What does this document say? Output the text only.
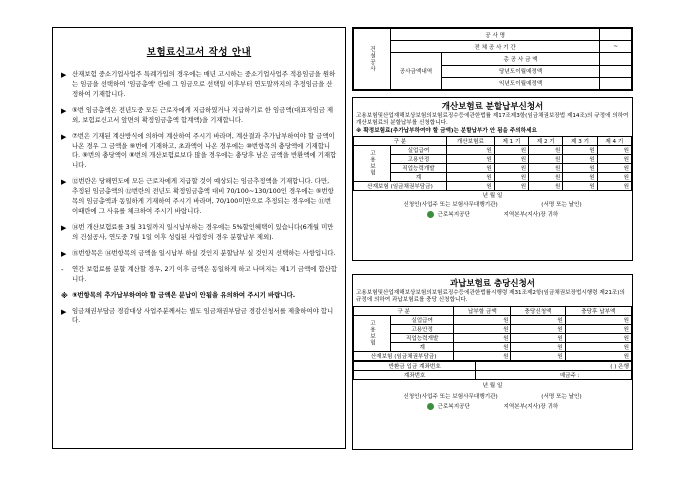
보험료신고서 작성 안내
▶ 산재보험 중소기업사업주 특례가입의 경우에는 매년 고시하는 중소기업사업주 적용임금을 원하는 임금을 선택하여 '임금총액' 란에 그 임금으로 선택일 이후부터 연도말까지의 추정임금을 산정하여 기재합니다.
▶ ⑤번 임금총액은 전년도중 모든 근로자에게 지급하였거나 지급하기로 한 임금액(대표자임금 제외, 보험료신고서 앞면의 확정임금총액 합계액)을 기재합니다.
▶ ⑦번은 기재된 계산방식에 의하여 계산하여 주시기 바라며, 계산결과 추가납부하여야 할 금액이 나온 경우 그 금액을 ⑨번에 기재하고, 초과액이 나온 경우에는 ⑩번항목의 충당액에 기재합니다. ⑨번의 충당액이 ⑧번의 개산보험료보다 많을 경우에는 충당후 남은 금액을 반환액에 기재합니다.
▶ ⑫번란은 당해연도에 모든 근로자에게 지급할 것이 예상되는 임금추정액을 기재합니다. 다만, 추정된 임금총액의 ⑫번란의 전년도 확정임금총액 대비 70/100~130/100인 경우에는 ⑤번항목의 임금총액과 동일하게 기재하여 주시기 바라며, 70/100미만으로 추정되는 경우에는 ⑪번 이때란에 그 사유를 체크하여 주시기 바랍니다.
▶ ⑭번 개산보험료를 3월 31일까지 일시납부하는 경우에는 5%할인혜택이 있습니다(6개월 미만의 건설공사, 연도중 7월 1일 이후 성립된 사업장의 경우 분할납부 제외).
▶ ⑮번항목은 ⑭번항목의 금액을 일시납부 하실 것인지 분할납부 실 것인지 선택하는 사항입니다.
- 연간 보험료를 분할 계산할 경우, 2기 이후 금액은 동일하게 하고 나머지는 제1기 금액에 합산합니다.
※ ⑨번항목의 추가납부하여야 할 금액은 분납이 안됨을 유의하여 주시기 바랍니다.
▶ 임금채권부담금 경감대상 사업주분께서는 별도 임금채권부담금 경감신청서를 제출하여야 합니다.
건설공사	공 사 명		
	전 체 공 사 기 간		~
	공사금액내역	총 공 사 금 액	
		당년도이월예정액	
		익년도이월예정액	
개산보험료 분할납부신청서
고용보험및산업재해보상보험의보험료징수등에관한법률 제17조제3항(임금채권보장법 제14조)의 규정에 의하여 개산보험료의 분할납부를 신청합니다.
※ 확정보험료(추가납부하여야 할 금액)는 분할납부가 안 됨을 주의하세요
구 분		개산보험료	제 1 기	제 2 기	제 3 기	제 4 기
고용보험	실업급여	원	원	원	원	원
	고용안정	원	원	원	원	원
	직업능력개발	원	원	원	원	원
	계	원	원	원	원	원
산재보험 (임금채권부담금)		원	원	원	원	원
년 월 일
신청인(사업주 또는 보험사무대행기관)	(서명 또는 날인)
근로복지공단	지역본부(지사)장 귀하
과납보험료 충당신청서
고용보험및산업재해보상보험의보험료징수등에관한법률시행령 제31조제2항(임금채권보장법시행령 제21조)의 규정에 의하여 과납보험료를 충당 신청합니다.
구 분		납부할 금액	충당신청액	충당후 납부액
고용보험	실업급여	원	원	원
	고용안정	원	원	원
	직업능력개발	원	원	원
	계	원	원	원
산재보험 (임금채권부담금)		원	원	원
반환금 입금 계좌번호	( ) 은행
계좌번호	예금주 :
년 월 일
신청인(사업주 또는 보험사무대행기관)	(서명 또는 날인)
근로복지공단	지역본부(지사)장 귀하
